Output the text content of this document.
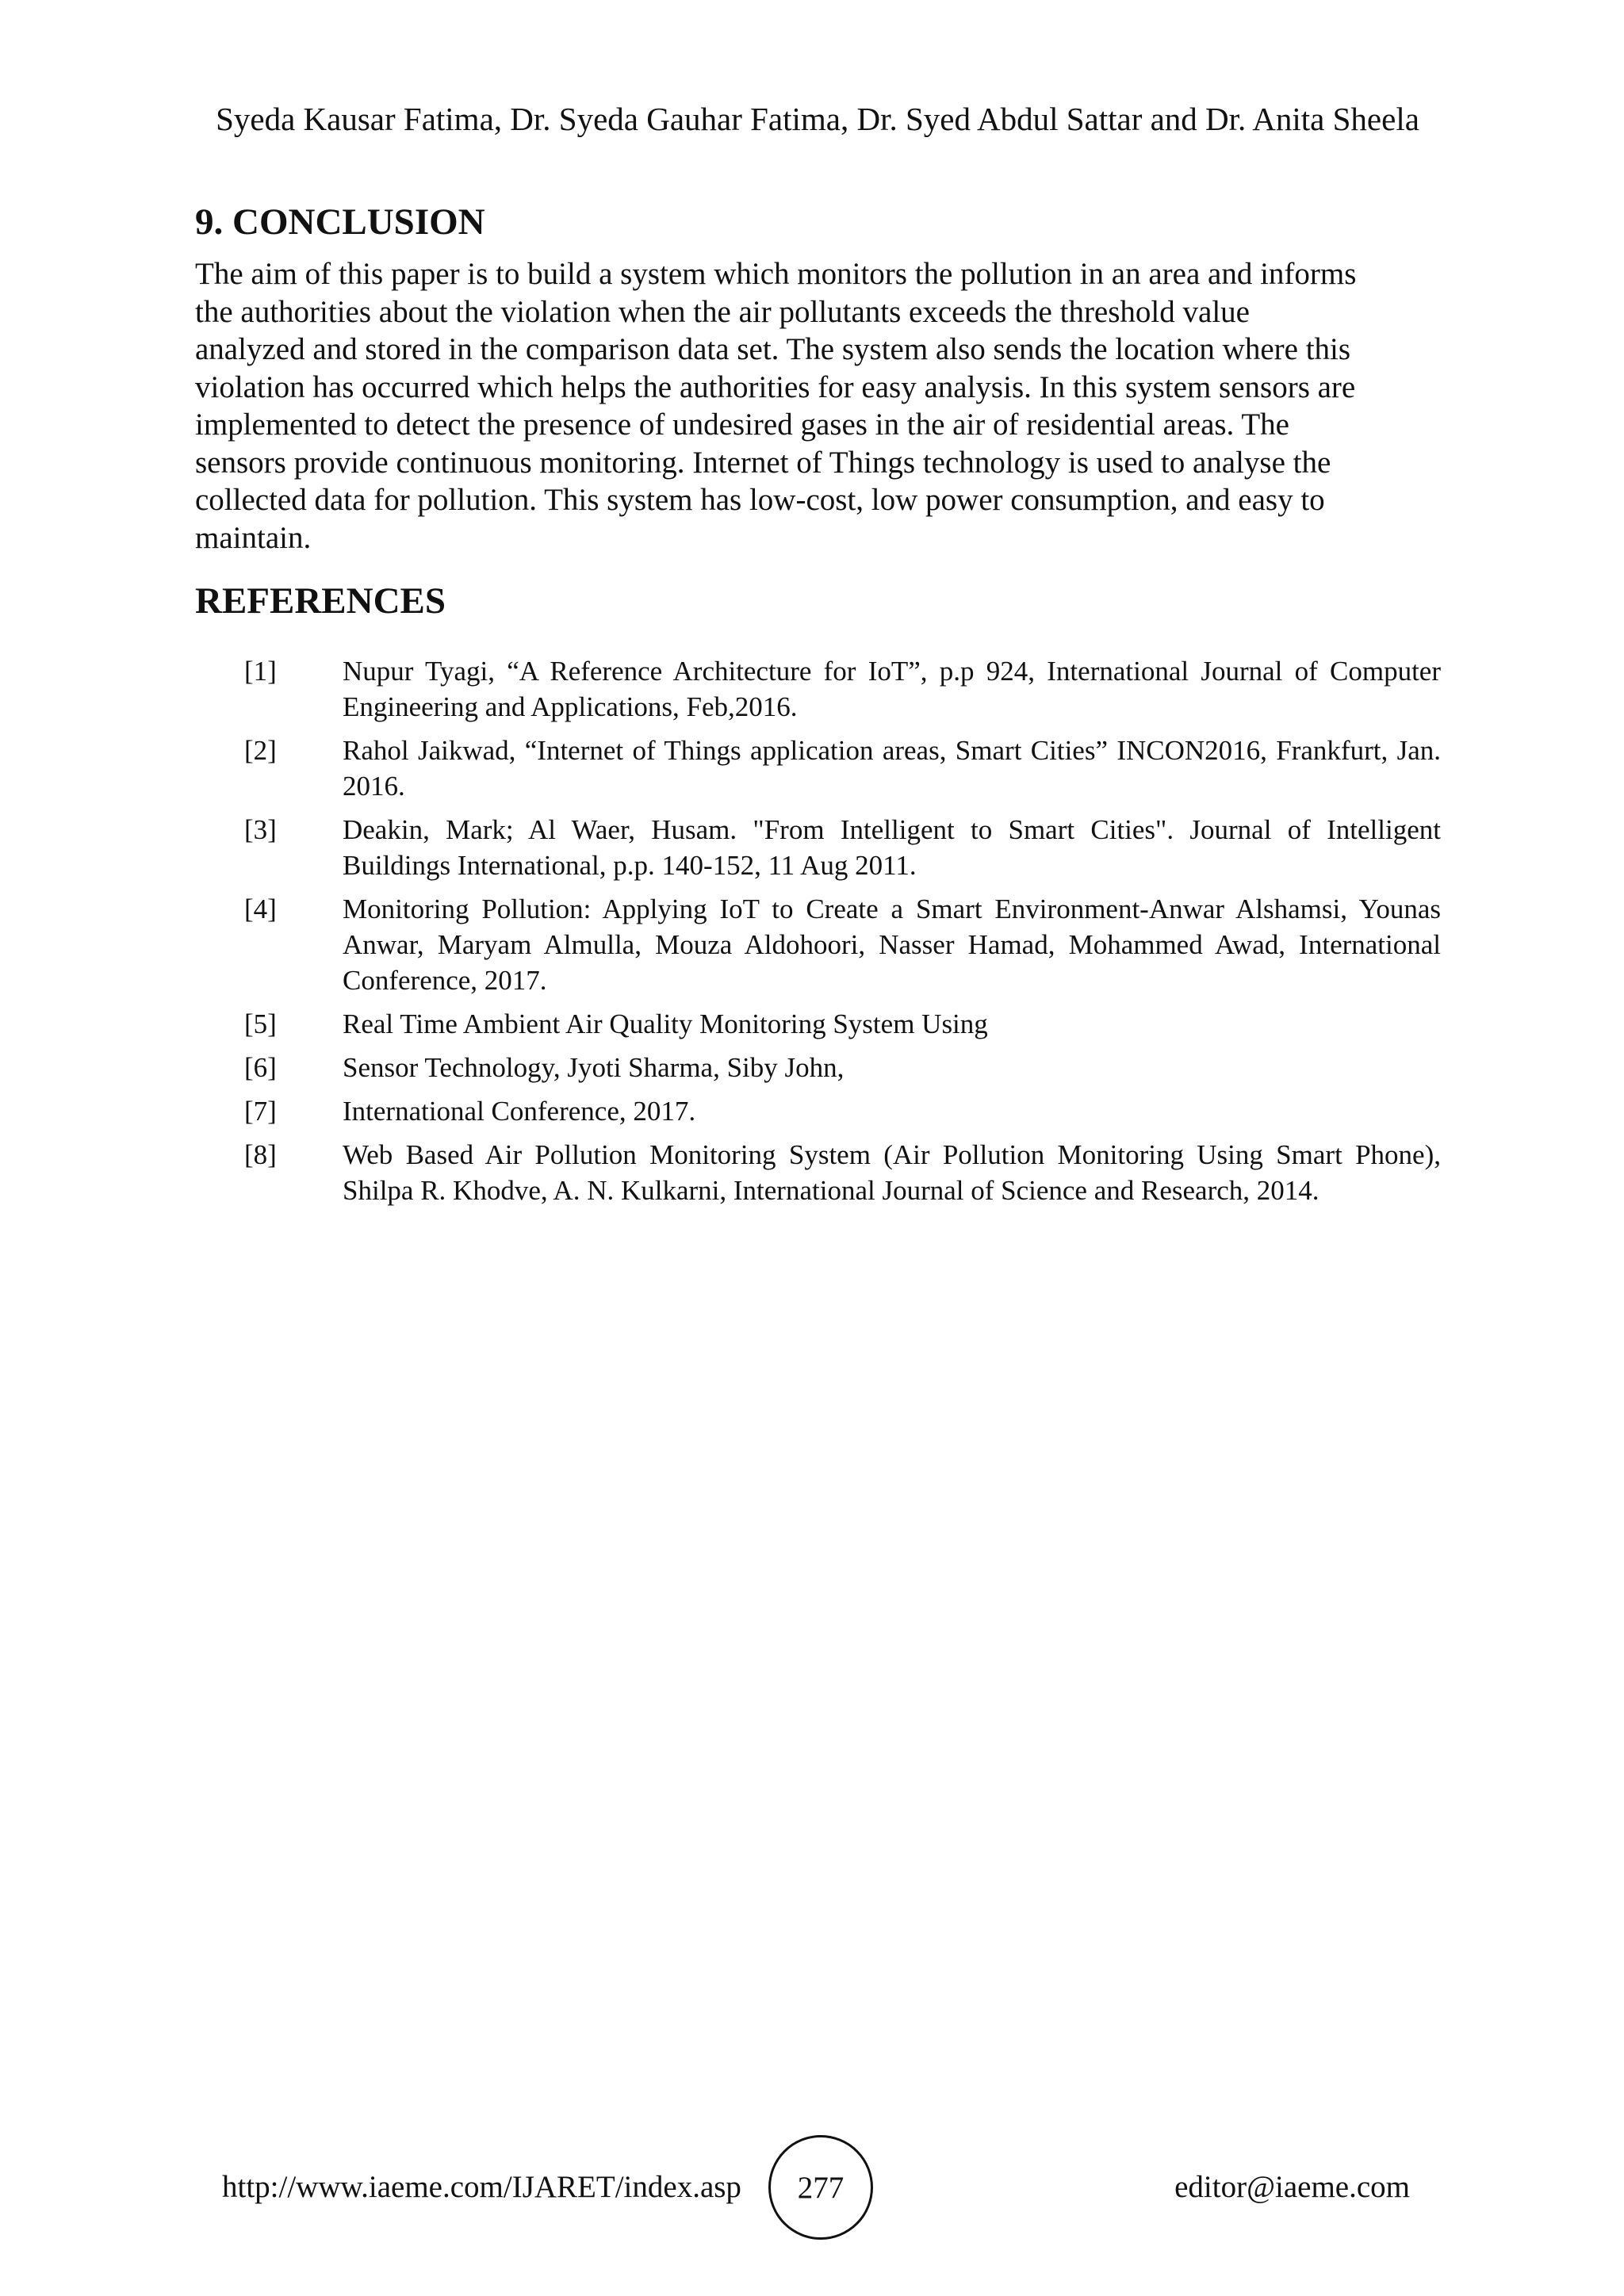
Syeda Kausar Fatima, Dr. Syeda Gauhar Fatima, Dr. Syed Abdul Sattar and Dr. Anita Sheela
9. CONCLUSION

The aim of this paper is to build a system which monitors the pollution in an area and informs
the authorities about the violation when the air pollutants exceeds the threshold value
analyzed and stored in the comparison data set. The system also sends the location where this
violation has occurred which helps the authorities for easy analysis. In this system sensors are
implemented to detect the presence of undesired gases in the air of residential areas. The
sensors provide continuous monitoring. Internet of Things technology is used to analyse the
collected data for pollution. This system has low-cost, low power consumption, and easy to
maintain.

REFERENCES
[1] Nupur Tyagi, “A Reference Architecture for IoT”, p.p 924, International Journal of Computer Engineering and Applications, Feb,2016.
[2] Rahol Jaikwad, “Internet of Things application areas, Smart Cities” INCON2016, Frankfurt, Jan. 2016.
[3] Deakin, Mark; Al Waer, Husam. "From Intelligent to Smart Cities". Journal of Intelligent Buildings International, p.p. 140-152, 11 Aug 2011.
[4] Monitoring Pollution: Applying IoT to Create a Smart Environment-Anwar Alshamsi, Younas Anwar, Maryam Almulla, Mouza Aldohoori, Nasser Hamad, Mohammed Awad, International Conference, 2017.
[5] Real Time Ambient Air Quality Monitoring System Using
[6] Sensor Technology, Jyoti Sharma, Siby John,
[7] International Conference, 2017.
[8] Web Based Air Pollution Monitoring System (Air Pollution Monitoring Using Smart Phone), Shilpa R. Khodve, A. N. Kulkarni, International Journal of Science and Research, 2014.
http://www.iaeme.com/IJARET/index.asp 277	editor@iaeme.com
